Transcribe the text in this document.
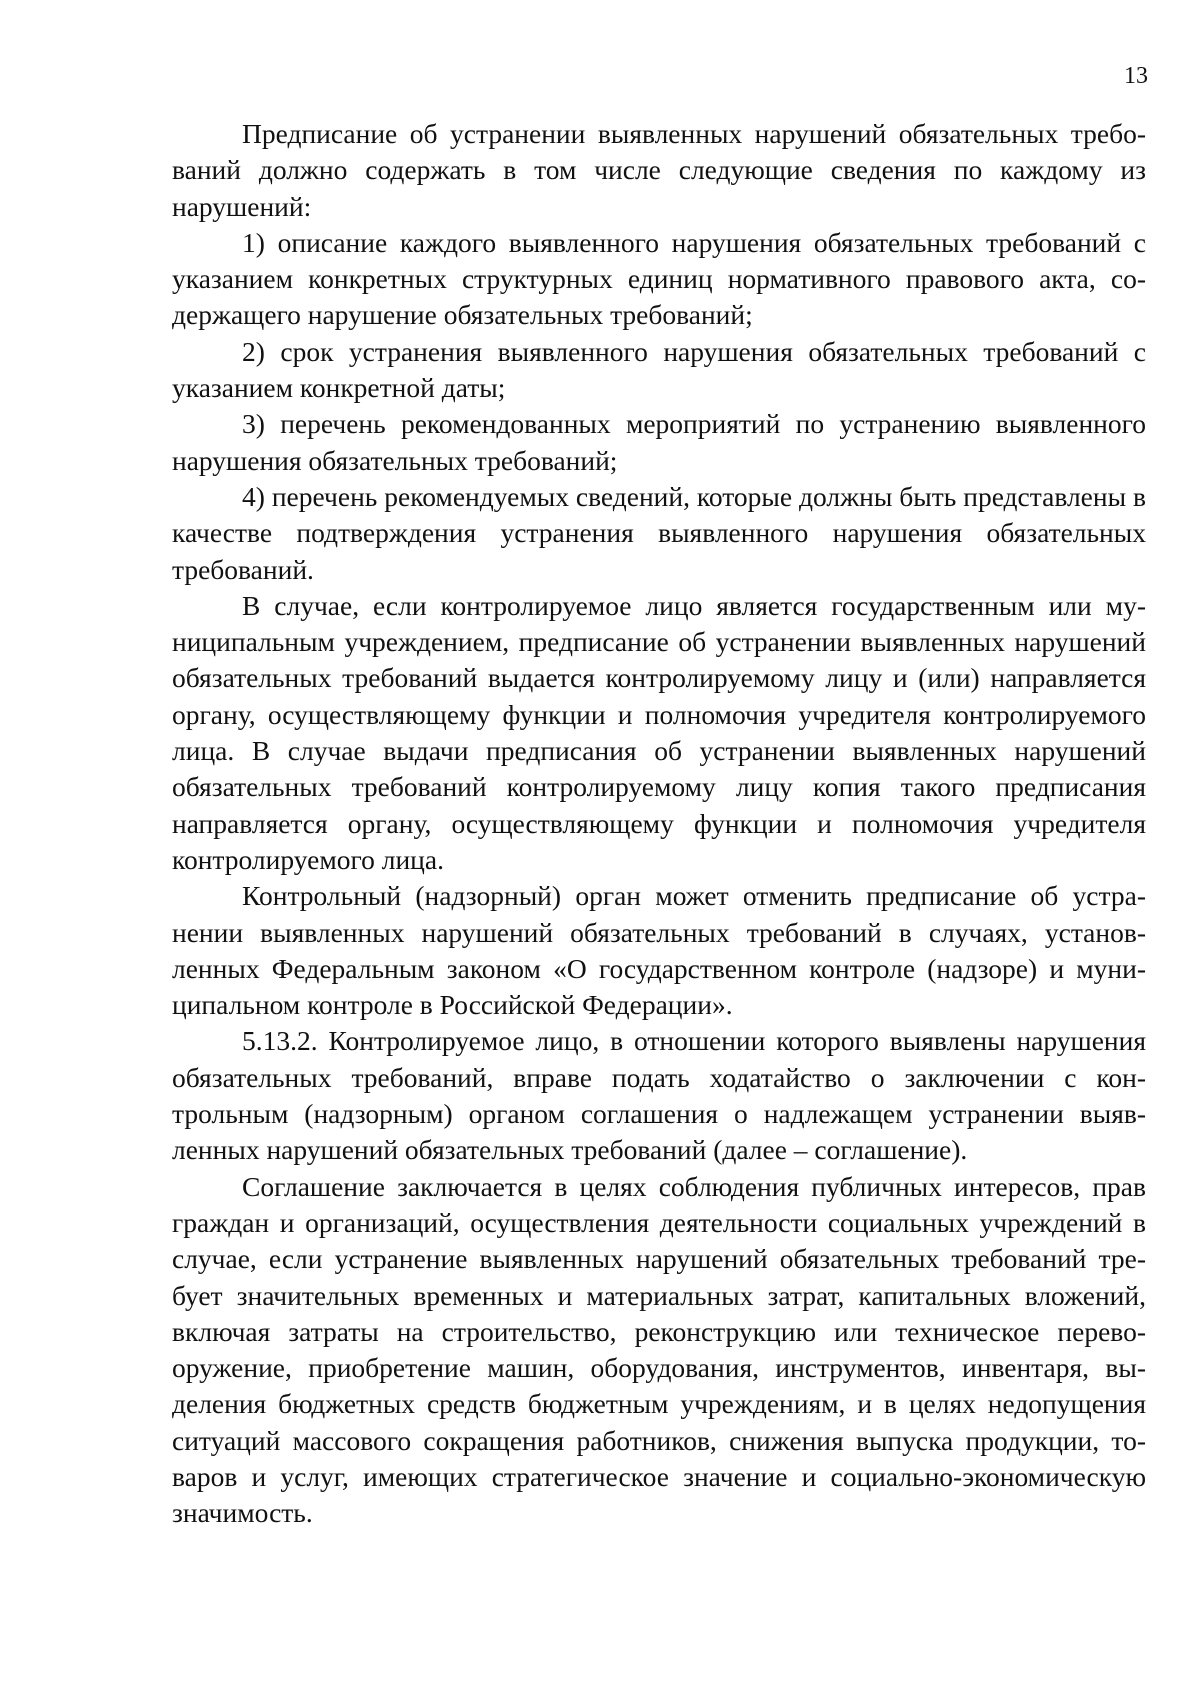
13

Предписание об устранении выявленных нарушений обязательных требований должно содержать в том числе следующие сведения по каждому из нарушений:

1) описание каждого выявленного нарушения обязательных требований с указанием конкретных структурных единиц нормативного правового акта, содержащего нарушение обязательных требований;

2) срок устранения выявленного нарушения обязательных требований с указанием конкретной даты;

3) перечень рекомендованных мероприятий по устранению выявленного нарушения обязательных требований;

4) перечень рекомендуемых сведений, которые должны быть представлены в качестве подтверждения устранения выявленного нарушения обязательных требований.

В случае, если контролируемое лицо является государственным или муниципальным учреждением, предписание об устранении выявленных нарушений обязательных требований выдается контролируемому лицу и (или) направляется органу, осуществляющему функции и полномочия учредителя контролируемого лица. В случае выдачи предписания об устранении выявленных нарушений обязательных требований контролируемому лицу копия такого предписания направляется органу, осуществляющему функции и полномочия учредителя контролируемого лица.

Контрольный (надзорный) орган может отменить предписание об устранении выявленных нарушений обязательных требований в случаях, установленных Федеральным законом «О государственном контроле (надзоре) и муниципальном контроле в Российской Федерации».

5.13.2. Контролируемое лицо, в отношении которого выявлены нарушения обязательных требований, вправе подать ходатайство о заключении с контрольным (надзорным) органом соглашения о надлежащем устранении выявленных нарушений обязательных требований (далее – соглашение).

Соглашение заключается в целях соблюдения публичных интересов, прав граждан и организаций, осуществления деятельности социальных учреждений в случае, если устранение выявленных нарушений обязательных требований требует значительных временных и материальных затрат, капитальных вложений, включая затраты на строительство, реконструкцию или техническое перевооружение, приобретение машин, оборудования, инструментов, инвентаря, выделения бюджетных средств бюджетным учреждениям, и в целях недопущения ситуаций массового сокращения работников, снижения выпуска продукции, товаров и услуг, имеющих стратегическое значение и социально-экономическую значимость.
